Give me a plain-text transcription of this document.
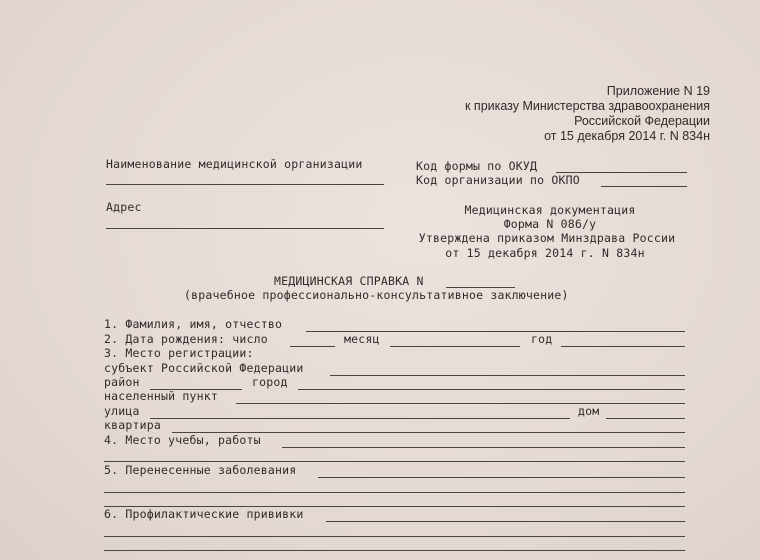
Приложение N 19
к приказу Министерства здравоохранения
Российской Федерации
от 15 декабря 2014 г. N 834н
Наименование медицинской организации	Код формы по ОКУД
Код организации по ОКПО
Адрес	Медицинская документация
Форма N 086/у
Утверждена приказом Минздрава России
от 15 декабря 2014 г. N 834н
МЕДИЦИНСКАЯ СПРАВКА N
(врачебное профессионально-консультативное заключение)
1. Фамилия, имя, отчество
2. Дата рождения: число	месяц	год
3. Место регистрации:
субъект Российской Федерации
район	город
населенный пункт
улица	дом
квартира
4. Место учебы, работы
5. Перенесенные заболевания
6. Профилактические прививки
